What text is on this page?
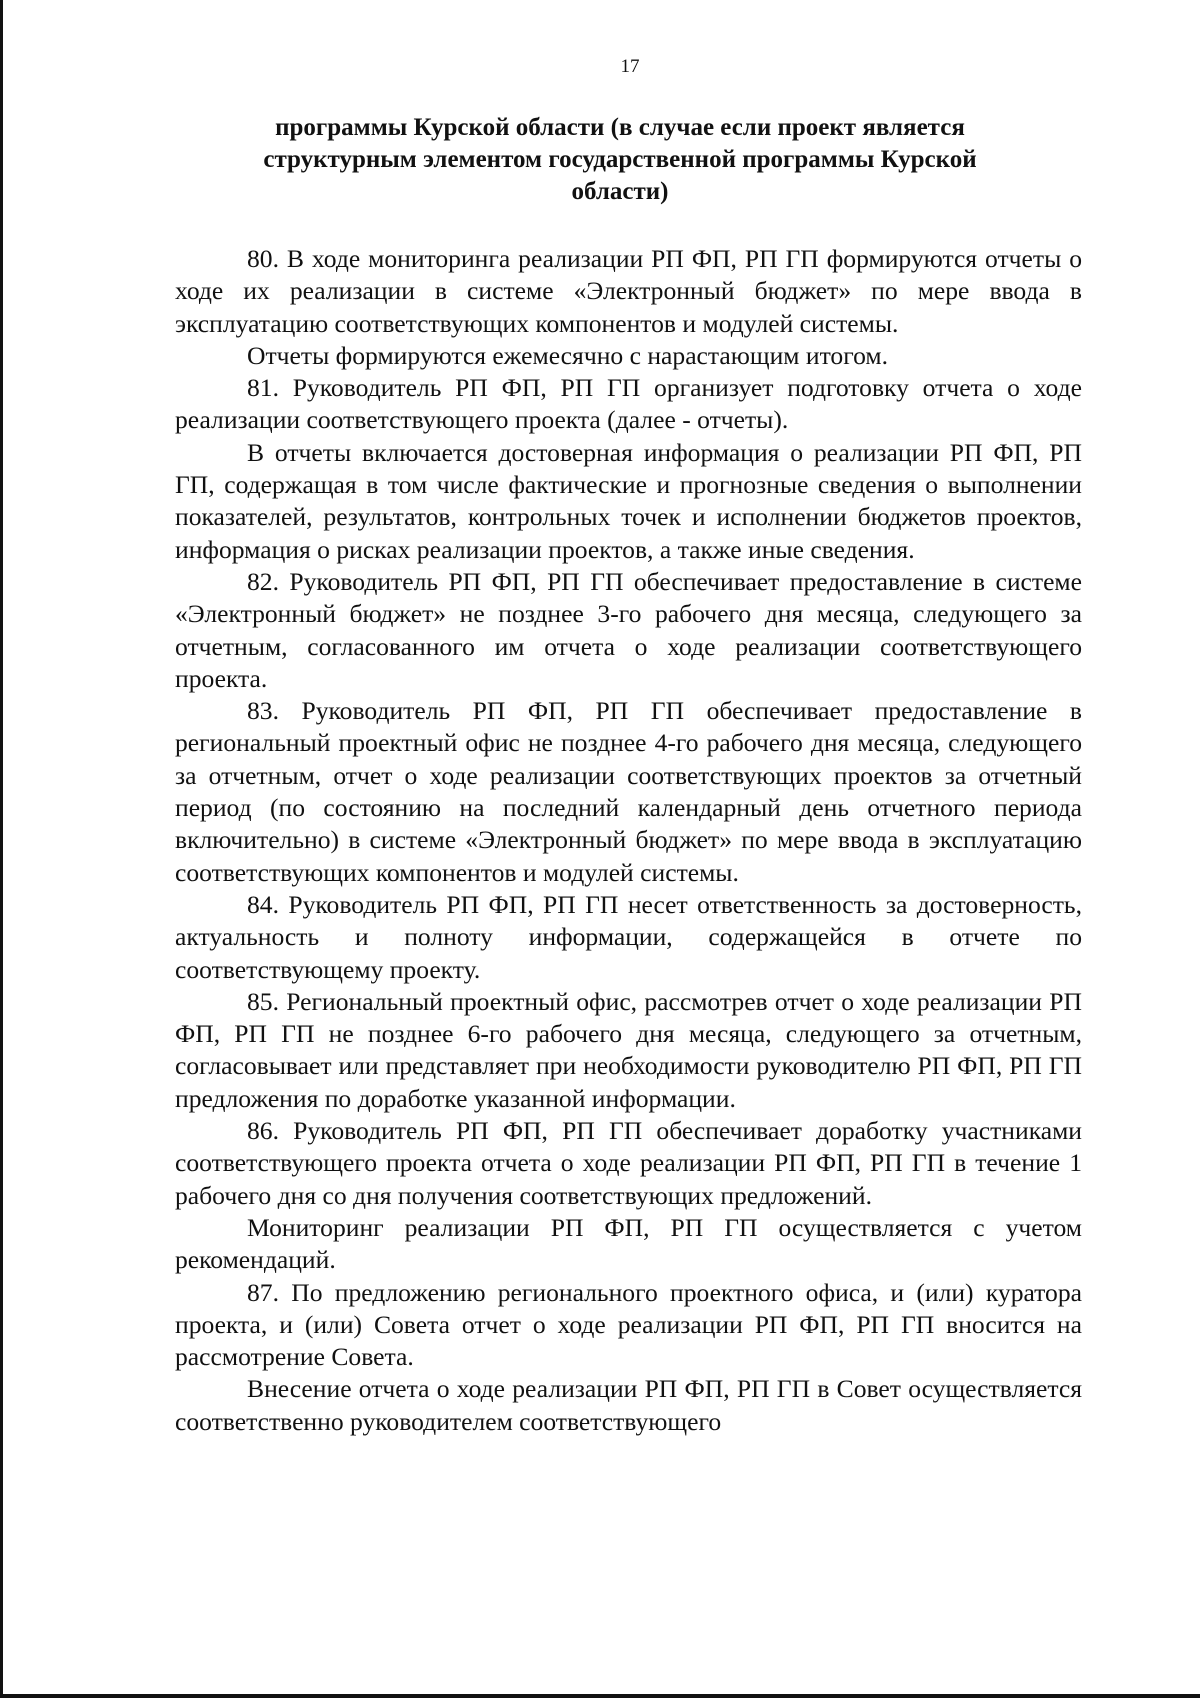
17
программы Курской области (в случае если проект является структурным элементом государственной программы Курской области)

80. В ходе мониторинга реализации РП ФП, РП ГП формируются отчеты о ходе их реализации в системе «Электронный бюджет» по мере ввода в эксплуатацию соответствующих компонентов и модулей системы.

Отчеты формируются ежемесячно с нарастающим итогом.

81. Руководитель РП ФП, РП ГП организует подготовку отчета о ходе реализации соответствующего проекта (далее - отчеты).

В отчеты включается достоверная информация о реализации РП ФП, РП ГП, содержащая в том числе фактические и прогнозные сведения о выполнении показателей, результатов, контрольных точек и исполнении бюджетов проектов, информация о рисках реализации проектов, а также иные сведения.

82. Руководитель РП ФП, РП ГП обеспечивает предоставление в системе «Электронный бюджет» не позднее 3-го рабочего дня месяца, следующего за отчетным, согласованного им отчета о ходе реализации соответствующего проекта.

83. Руководитель РП ФП, РП ГП обеспечивает предоставление в региональный проектный офис не позднее 4-го рабочего дня месяца, следующего за отчетным, отчет о ходе реализации соответствующих проектов за отчетный период (по состоянию на последний календарный день отчетного периода включительно) в системе «Электронный бюджет» по мере ввода в эксплуатацию соответствующих компонентов и модулей системы.

84. Руководитель РП ФП, РП ГП несет ответственность за достоверность, актуальность и полноту информации, содержащейся в отчете по соответствующему проекту.

85. Региональный проектный офис, рассмотрев отчет о ходе реализации РП ФП, РП ГП не позднее 6-го рабочего дня месяца, следующего за отчетным, согласовывает или представляет при необходимости руководителю РП ФП, РП ГП предложения по доработке указанной информации.

86. Руководитель РП ФП, РП ГП обеспечивает доработку участниками соответствующего проекта отчета о ходе реализации РП ФП, РП ГП в течение 1 рабочего дня со дня получения соответствующих предложений.

Мониторинг реализации РП ФП, РП ГП осуществляется с учетом рекомендаций.

87. По предложению регионального проектного офиса, и (или) куратора проекта, и (или) Совета отчет о ходе реализации РП ФП, РП ГП вносится на рассмотрение Совета.

Внесение отчета о ходе реализации РП ФП, РП ГП в Совет осуществляется соответственно руководителем соответствующего
